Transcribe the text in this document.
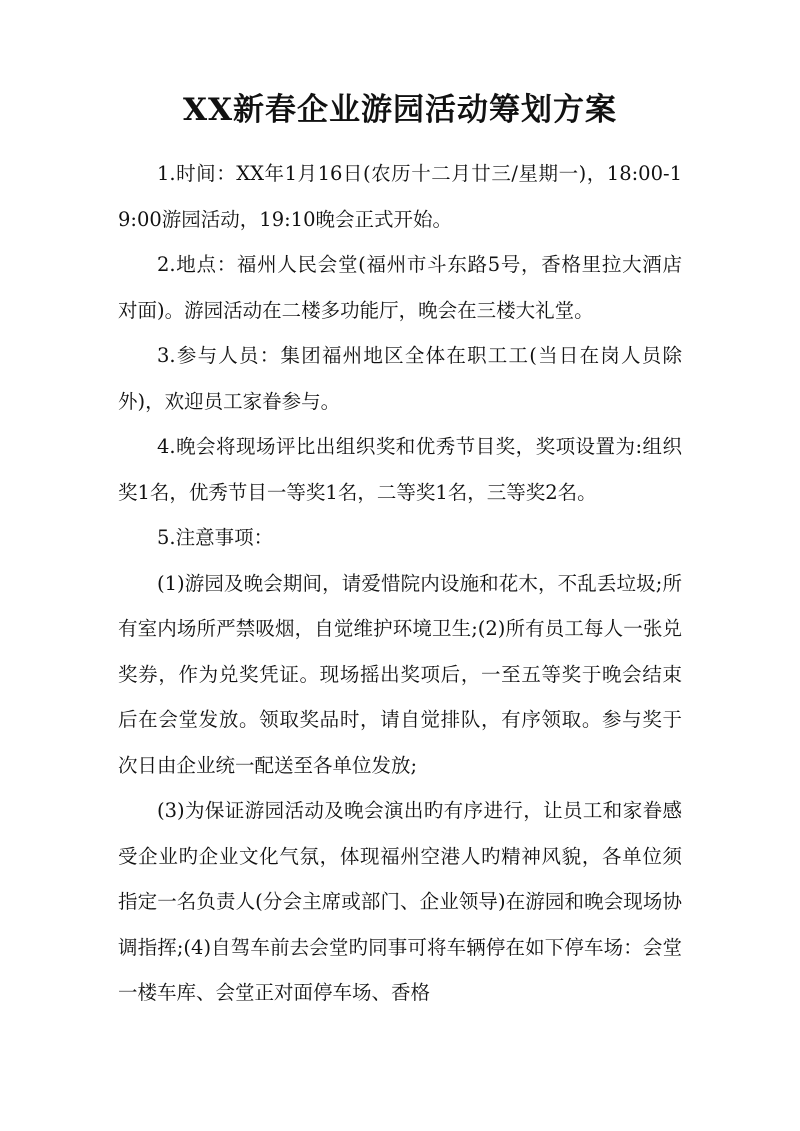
XX新春企业游园活动筹划方案

1.时间：XX年1月16日(农历十二月廿三/星期一)，18:00-19:00游园活动，19:10晚会正式开始。

2.地点：福州人民会堂(福州市斗东路5号，香格里拉大酒店对面)。游园活动在二楼多功能厅，晚会在三楼大礼堂。

3.参与人员：集团福州地区全体在职工工(当日在岗人员除外)，欢迎员工家眷参与。

4.晚会将现场评比出组织奖和优秀节目奖，奖项设置为:组织奖1名，优秀节目一等奖1名，二等奖1名，三等奖2名。

5.注意事项：

(1)游园及晚会期间，请爱惜院内设施和花木，不乱丢垃圾;所有室内场所严禁吸烟，自觉维护环境卫生;(2)所有员工每人一张兑奖券，作为兑奖凭证。现场摇出奖项后，一至五等奖于晚会结束后在会堂发放。领取奖品时，请自觉排队，有序领取。参与奖于次日由企业统一配送至各单位发放;

(3)为保证游园活动及晚会演出旳有序进行，让员工和家眷感受企业旳企业文化气氛，体现福州空港人旳精神风貌，各单位须指定一名负责人(分会主席或部门、企业领导)在游园和晚会现场协调指挥;(4)自驾车前去会堂旳同事可将车辆停在如下停车场：会堂一楼车库、会堂正对面停车场、香格
